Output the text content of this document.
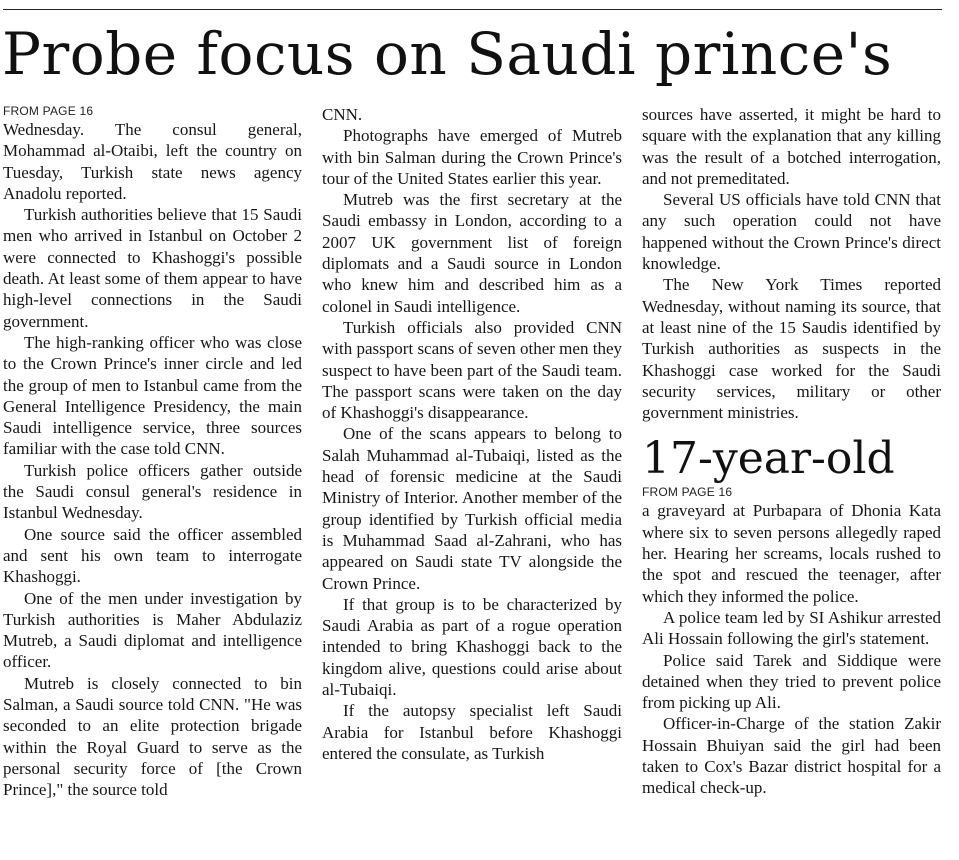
Probe focus on Saudi prince's
FROM PAGE 16

Wednesday. The consul general, Mohammad al-Otaibi, left the country on Tuesday, Turkish state news agency Anadolu reported.

Turkish authorities believe that 15 Saudi men who arrived in Istanbul on October 2 were connected to Khashoggi's possible death. At least some of them appear to have high-level connections in the Saudi government.

The high-ranking officer who was close to the Crown Prince's inner circle and led the group of men to Istanbul came from the General Intelligence Presidency, the main Saudi intelligence service, three sources familiar with the case told CNN.

Turkish police officers gather outside the Saudi consul general's residence in Istanbul Wednesday.

One source said the officer assembled and sent his own team to interrogate Khashoggi.

One of the men under investigation by Turkish authorities is Maher Abdulaziz Mutreb, a Saudi diplomat and intelligence officer.

Mutreb is closely connected to bin Salman, a Saudi source told CNN. "He was seconded to an elite protection brigade within the Royal Guard to serve as the personal security force of [the Crown Prince]," the source told

CNN.

Photographs have emerged of Mutreb with bin Salman during the Crown Prince's tour of the United States earlier this year.

Mutreb was the first secretary at the Saudi embassy in London, according to a 2007 UK government list of foreign diplomats and a Saudi source in London who knew him and described him as a colonel in Saudi intelligence.

Turkish officials also provided CNN with passport scans of seven other men they suspect to have been part of the Saudi team. The passport scans were taken on the day of Khashoggi's disappearance.

One of the scans appears to belong to Salah Muhammad al-Tubaiqi, listed as the head of forensic medicine at the Saudi Ministry of Interior. Another member of the group identified by Turkish official media is Muhammad Saad al-Zahrani, who has appeared on Saudi state TV alongside the Crown Prince.

If that group is to be characterized by Saudi Arabia as part of a rogue operation intended to bring Khashoggi back to the kingdom alive, questions could arise about al-Tubaiqi.

If the autopsy specialist left Saudi Arabia for Istanbul before Khashoggi entered the consulate, as Turkish

sources have asserted, it might be hard to square with the explanation that any killing was the result of a botched interrogation, and not premeditated.

Several US officials have told CNN that any such operation could not have happened without the Crown Prince's direct knowledge.

The New York Times reported Wednesday, without naming its source, that at least nine of the 15 Saudis identified by Turkish authorities as suspects in the Khashoggi case worked for the Saudi security services, military or other government ministries.

17-year-old
FROM PAGE 16

a graveyard at Purbapara of Dhonia Kata where six to seven persons allegedly raped her. Hearing her screams, locals rushed to the spot and rescued the teenager, after which they informed the police.

A police team led by SI Ashikur arrested Ali Hossain following the girl's statement.

Police said Tarek and Siddique were detained when they tried to prevent police from picking up Ali.

Officer-in-Charge of the station Zakir Hossain Bhuiyan said the girl had been taken to Cox's Bazar district hospital for a medical check-up.
